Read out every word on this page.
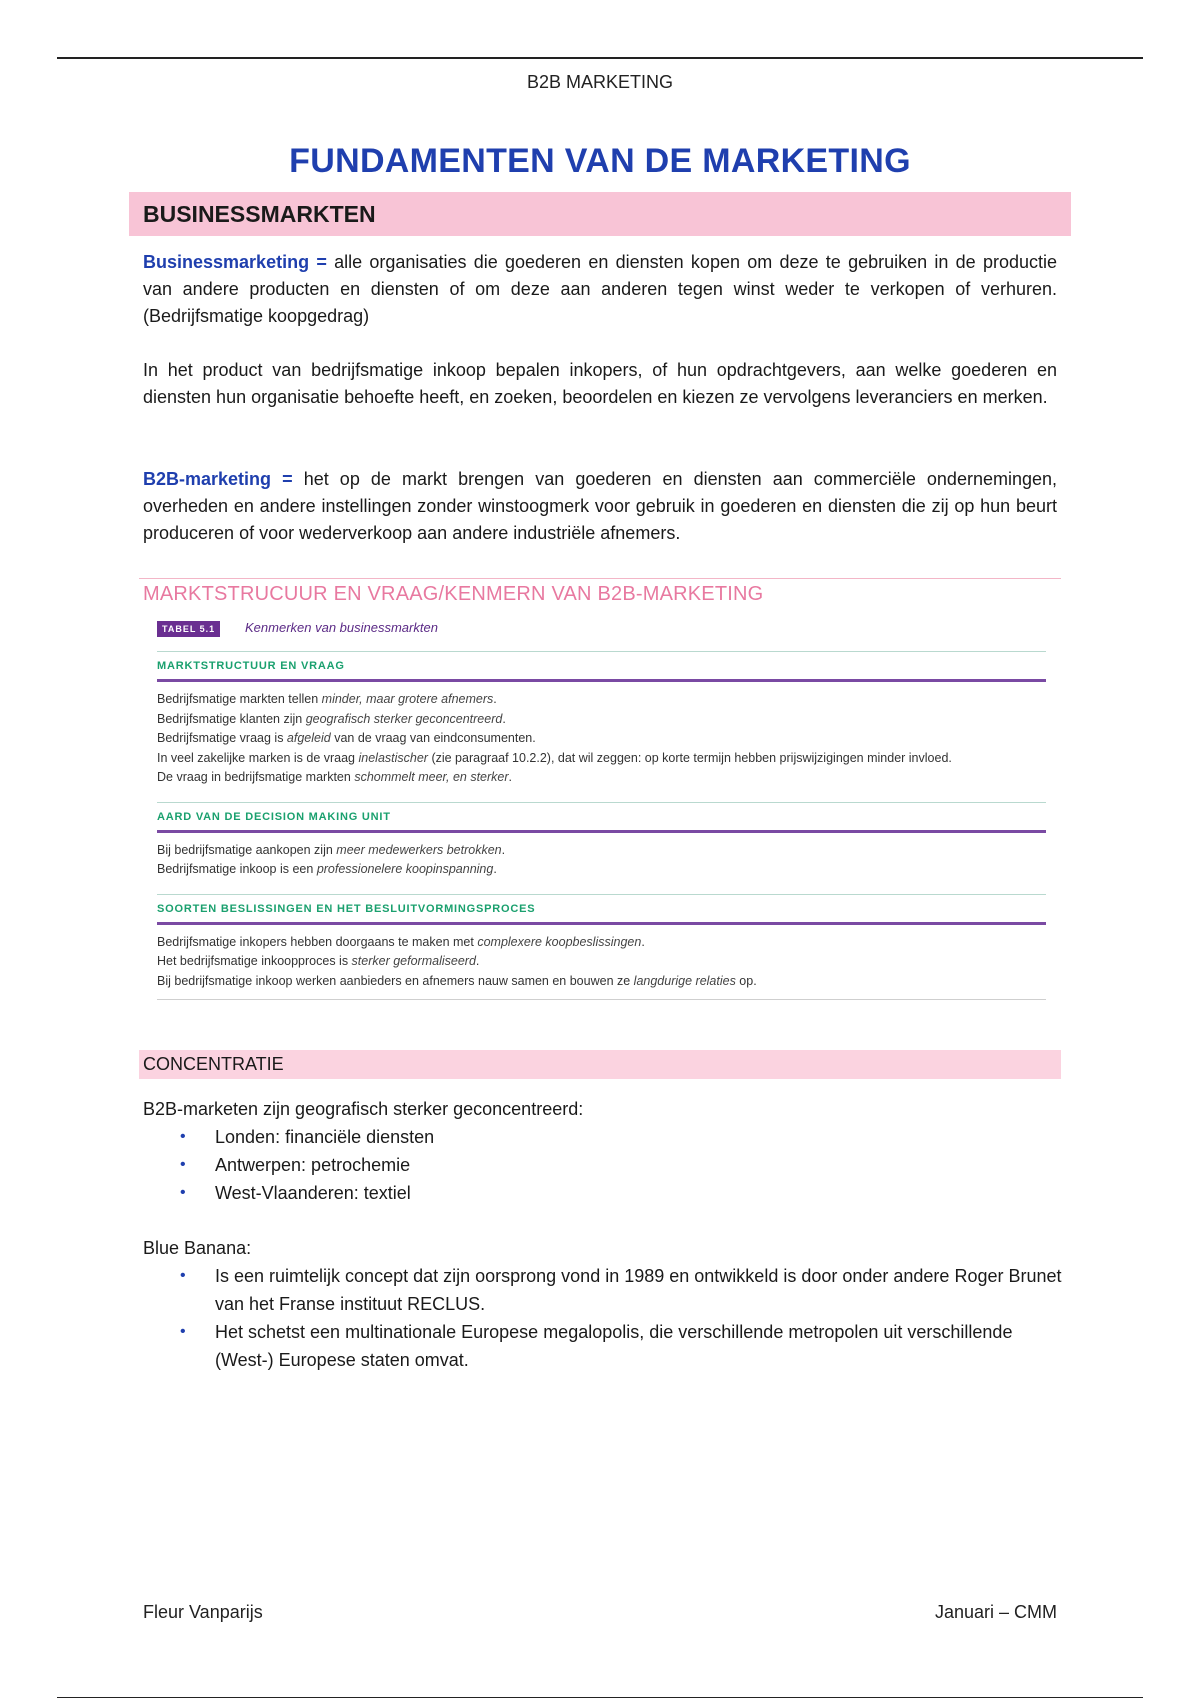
B2B MARKETING
FUNDAMENTEN VAN DE MARKETING
BUSINESSMARKTEN
Businessmarketing = alle organisaties die goederen en diensten kopen om deze te gebruiken in de productie van andere producten en diensten of om deze aan anderen tegen winst weder te verkopen of verhuren. (Bedrijfsmatige koopgedrag)
In het product van bedrijfsmatige inkoop bepalen inkopers, of hun opdrachtgevers, aan welke goederen en diensten hun organisatie behoefte heeft, en zoeken, beoordelen en kiezen ze vervolgens leveranciers en merken.
B2B-marketing = het op de markt brengen van goederen en diensten aan commerciële ondernemingen, overheden en andere instellingen zonder winstoogmerk voor gebruik in goederen en diensten die zij op hun beurt produceren of voor wederverkoop aan andere industriële afnemers.
MARKTSTRUCUUR EN VRAAG/KENMERN VAN B2B-MARKETING
TABEL 5.1	Kenmerken van businessmarkten
MARKTSTRUCTUUR EN VRAAG
Bedrijfsmatige markten tellen minder, maar grotere afnemers.
Bedrijfsmatige klanten zijn geografisch sterker geconcentreerd.
Bedrijfsmatige vraag is afgeleid van de vraag van eindconsumenten.
In veel zakelijke marken is de vraag inelastischer (zie paragraaf 10.2.2), dat wil zeggen: op korte termijn hebben prijswijzigingen minder invloed.
De vraag in bedrijfsmatige markten schommelt meer, en sterker.
AARD VAN DE DECISION MAKING UNIT
Bij bedrijfsmatige aankopen zijn meer medewerkers betrokken.
Bedrijfsmatige inkoop is een professionelere koopinspanning.
SOORTEN BESLISSINGEN EN HET BESLUITVORMINGSPROCES
Bedrijfsmatige inkopers hebben doorgaans te maken met complexere koopbeslissingen.
Het bedrijfsmatige inkoopproces is sterker geformaliseerd.
Bij bedrijfsmatige inkoop werken aanbieders en afnemers nauw samen en bouwen ze langdurige relaties op.
CONCENTRATIE
B2B-marketen zijn geografisch sterker geconcentreerd:
• Londen: financiële diensten
• Antwerpen: petrochemie
• West-Vlaanderen: textiel
Blue Banana:
• Is een ruimtelijk concept dat zijn oorsprong vond in 1989 en ontwikkeld is door onder andere Roger Brunet van het Franse instituut RECLUS.
• Het schetst een multinationale Europese megalopolis, die verschillende metropolen uit verschillende (West-) Europese staten omvat.
Fleur Vanparijs	Januari – CMM
